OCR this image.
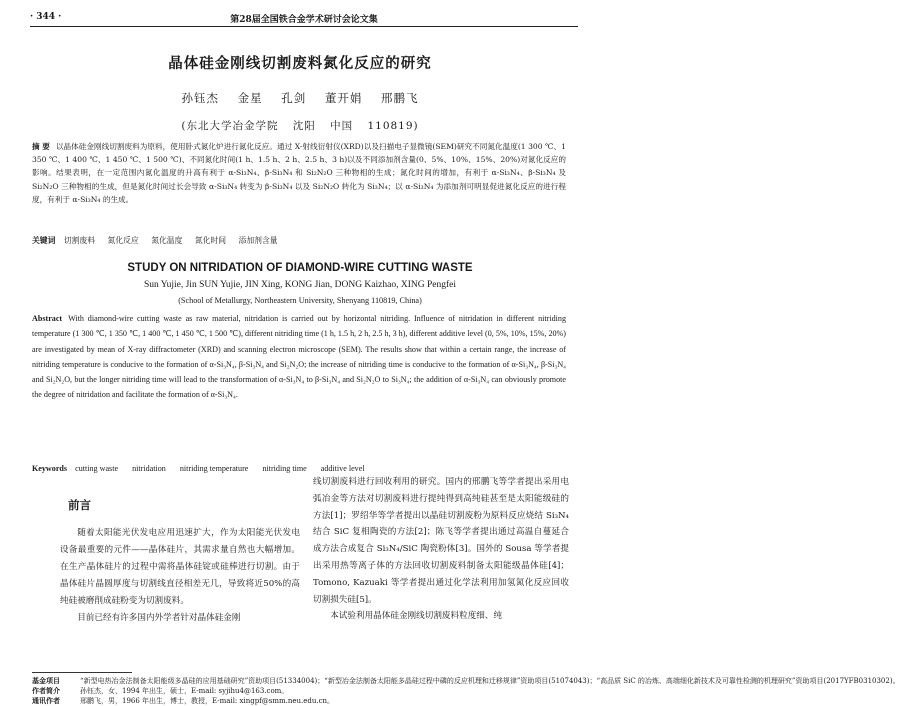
· 344 ·	第28届全国铁合金学术研讨会论文集
晶体硅金刚线切割废料氮化反应的研究
孙钰杰 金星 孔剑 董开娟 邢鹏飞
(东北大学冶金学院 沈阳 中国 110819)
摘 要 以晶体硅金刚线切割废料为原料，使用卧式氮化炉进行氮化反应。通过 X-射线衍射仪(XRD)以及扫描电子显微镜(SEM)研究不同氮化温度(1 300 ℃、1 350 ℃、1 400 ℃、1 450 ℃、1 500 ℃)、不同氮化时间(1 h、1.5 h、2 h、2.5 h、3 h)以及不同添加剂含量(0、5%、10%、15%、20%)对氮化反应的影响。结果表明，在一定范围内氮化温度的升高有利于 α-Si₃N₄、β-Si₃N₄ 和 Si₂N₂O 三种物相的生成；氮化时间的增加，有利于 α-Si₃N₄、β-Si₃N₄ 及 Si₂N₂O 三种物相的生成，但是氮化时间过长会导致 α-Si₃N₄ 转变为 β-Si₃N₄ 以及 Si₂N₂O 转化为 Si₃N₄；以 α-Si₃N₄ 为添加剂可明显促进氮化反应的进行程度，有利于 α-Si₃N₄ 的生成。
关键词 切割废料 氮化反应 氮化温度 氮化时间 添加剂含量
STUDY ON NITRIDATION OF DIAMOND-WIRE CUTTING WASTE
Sun Yujie, Jin SUN Yujie, JIN Xing, KONG Jian, DONG Kaizhao, XING Pengfei
(School of Metallurgy, Northeastern University, Shenyang 110819, China)
Abstract With diamond-wire cutting waste as raw material, nitridation is carried out by horizontal nitriding. Influence of nitridation in different nitriding temperature (1 300 ℃, 1 350 ℃, 1 400 ℃, 1 450 ℃, 1 500 ℃), different nitriding time (1 h, 1.5 h, 2 h, 2.5 h, 3 h), different additive level (0, 5%, 10%, 15%, 20%) are investigated by mean of X-ray diffractometer (XRD) and scanning electron microscope (SEM). The results show that within a certain range, the increase of nitriding temperature is conducive to the formation of α-Si₃N₄, β-Si₃N₄ and Si₂N₂O; the increase of nitriding time is conducive to the formation of α-Si₃N₄, β-Si₃N₄ and Si₂N₂O, but the longer nitriding time will lead to the transformation of α-Si₃N₄ to β-Si₃N₄ and Si₂N₂O to Si₃N₄; the addition of α-Si₃N₄ can obviously promote the degree of nitridation and facilitate the formation of α-Si₃N₄.
Keywords cutting waste nitridation nitriding temperature nitriding time additive level
前言

随着太阳能光伏发电应用迅速扩大，作为太阳能光伏发电设备最重要的元件——晶体硅片，其需求量自然也大幅增加。在生产晶体硅片的过程中需将晶体硅锭或硅棒进行切割。由于晶体硅片晶圆厚度与切割线直径相差无几，导致将近50%的高纯硅被磨削成硅粉变为切割废料。

目前已经有许多国内外学者针对晶体硅金刚

线切割废料进行回收利用的研究。国内的邢鹏飞等学者提出采用电弧冶金等方法对切割废料进行提纯得到高纯硅甚至是太阳能级硅的方法[1]；罗绍华等学者提出以晶硅切割废粉为原料反应烧结 Si₃N₄ 结合 SiC 复相陶瓷的方法[2]；陈飞等学者提出通过高温自蔓延合成方法合成复合 Si₃N₄/SiC 陶瓷粉体[3]。国外的 Sousa 等学者提出采用热等离子体的方法回收切割废料制备太阳能级晶体硅[4]；Tomono, Kazuaki 等学者提出通过化学法利用加氢氮化反应回收切割损失硅[5]。

本试验利用晶体硅金刚线切割废料粒度细、纯

基金项目	“新型电热冶金法制备太阳能级多晶硅的应用基础研究”资助项目(51334004)；“新型冶金法制备太阳能多晶硅过程中磷的反应机理和迁移规律”资助项目(51074043)；“高品质 SiC 的冶炼、高端细化新技术及可靠性检测的机理研究”资助项目(2017YFB0310302)。
作者简介	孙钰杰，女，1994 年出生，硕士，E-mail: syjihu4@163.com。
通讯作者	邢鹏飞，男，1966 年出生，博士，教授，E-mail: xingpf@smm.neu.edu.cn。
